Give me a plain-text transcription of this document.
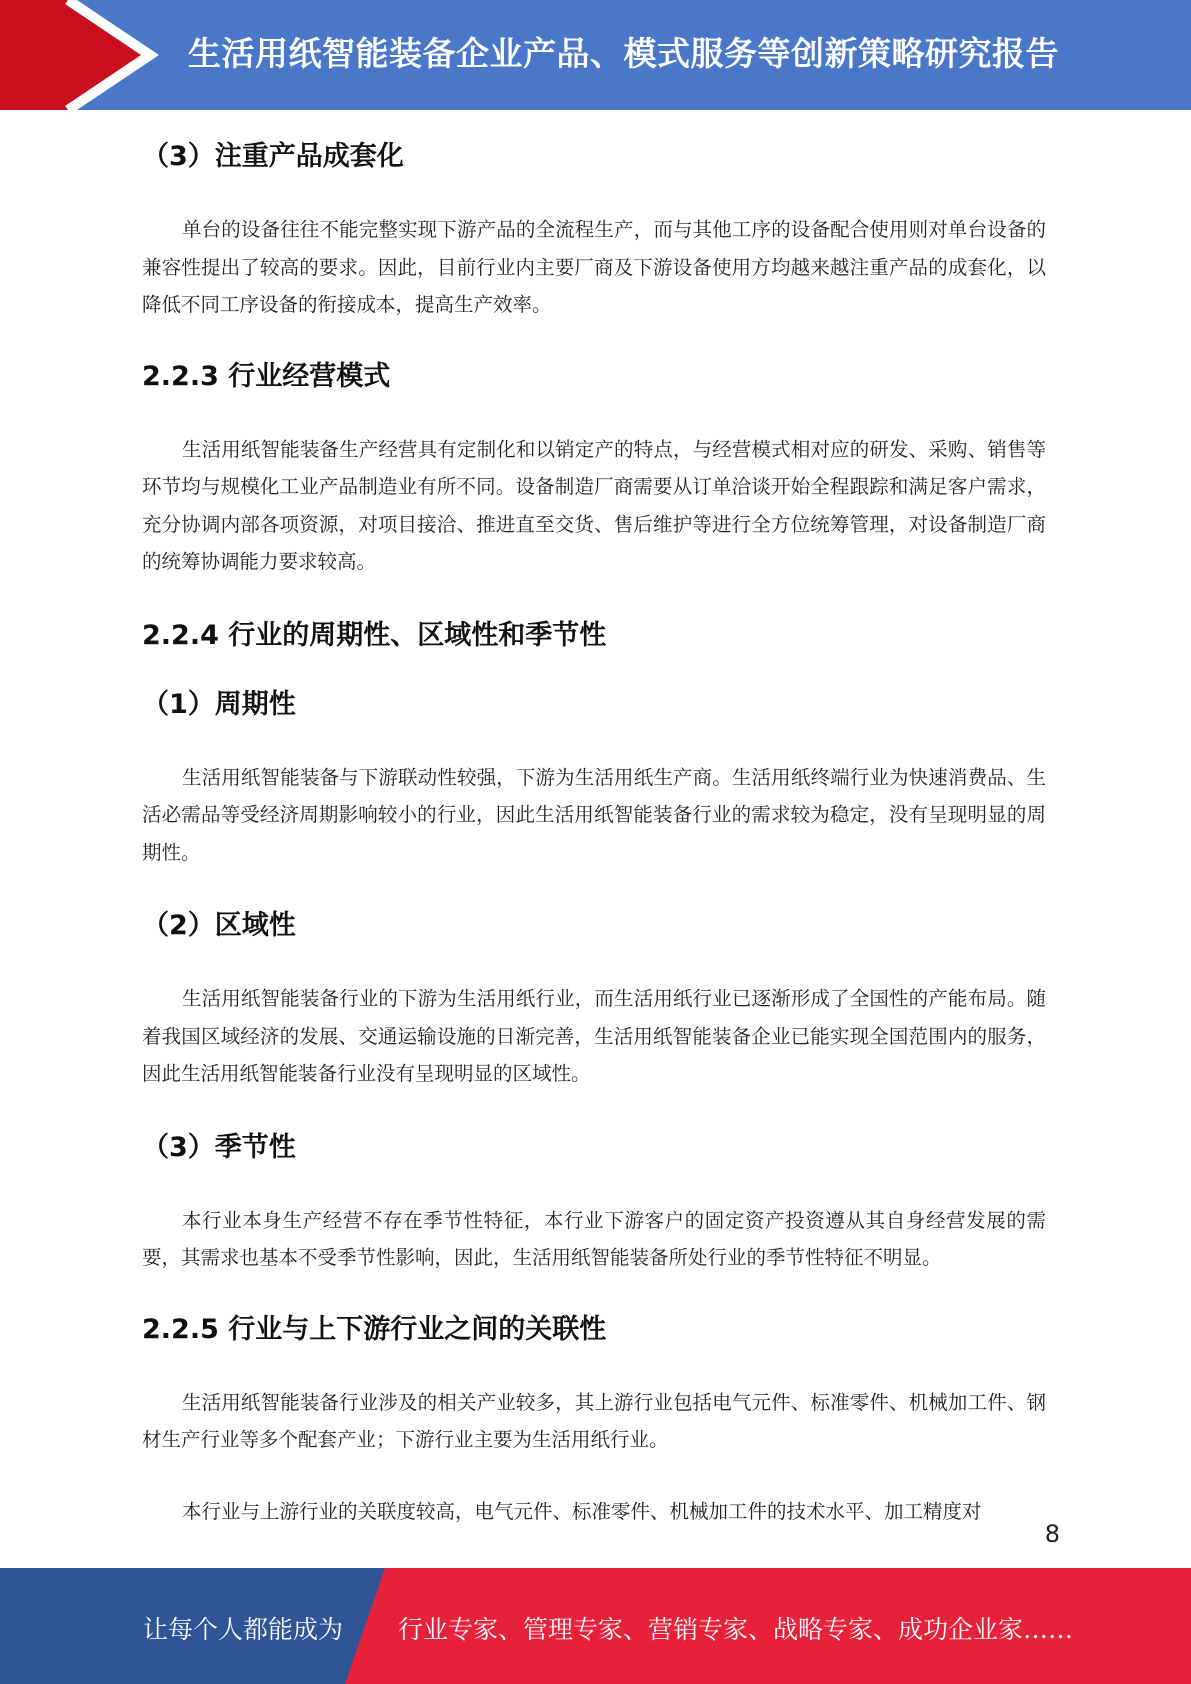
生活用纸智能装备企业产品、模式服务等创新策略研究报告
（3）注重产品成套化

单台的设备往往不能完整实现下游产品的全流程生产，而与其他工序的设备配合使用则对单台设备的兼容性提出了较高的要求。因此，目前行业内主要厂商及下游设备使用方均越来越注重产品的成套化，以降低不同工序设备的衔接成本，提高生产效率。

2.2.3 行业经营模式

生活用纸智能装备生产经营具有定制化和以销定产的特点，与经营模式相对应的研发、采购、销售等环节均与规模化工业产品制造业有所不同。设备制造厂商需要从订单洽谈开始全程跟踪和满足客户需求，充分协调内部各项资源，对项目接洽、推进直至交货、售后维护等进行全方位统筹管理，对设备制造厂商的统筹协调能力要求较高。

2.2.4 行业的周期性、区域性和季节性
（1）周期性

生活用纸智能装备与下游联动性较强，下游为生活用纸生产商。生活用纸终端行业为快速消费品、生活必需品等受经济周期影响较小的行业，因此生活用纸智能装备行业的需求较为稳定，没有呈现明显的周期性。

（2）区域性

生活用纸智能装备行业的下游为生活用纸行业，而生活用纸行业已逐渐形成了全国性的产能布局。随着我国区域经济的发展、交通运输设施的日渐完善，生活用纸智能装备企业已能实现全国范围内的服务，因此生活用纸智能装备行业没有呈现明显的区域性。

（3）季节性

本行业本身生产经营不存在季节性特征，本行业下游客户的固定资产投资遵从其自身经营发展的需要，其需求也基本不受季节性影响，因此，生活用纸智能装备所处行业的季节性特征不明显。

2.2.5 行业与上下游行业之间的关联性

生活用纸智能装备行业涉及的相关产业较多，其上游行业包括电气元件、标准零件、机械加工件、钢材生产行业等多个配套产业；下游行业主要为生活用纸行业。

本行业与上游行业的关联度较高，电气元件、标准零件、机械加工件的技术水平、加工精度对

8
让每个人都能成为 行业专家、管理专家、营销专家、战略专家、成功企业家……
